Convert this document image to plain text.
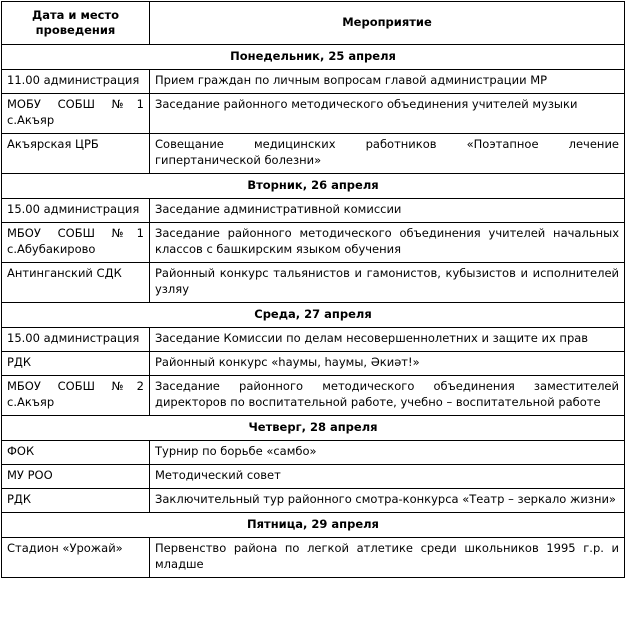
Дата и место проведения	Мероприятие
Понедельник, 25 апреля	
11.00 администрация	Прием граждан по личным вопросам главой администрации МР
МОБУ СОБШ №1 с.Акъяр	Заседание районного методического объединения учителей музыки
Акъярская ЦРБ	Совещание медицинских работников «Поэтапное лечение гипертанической болезни»
Вторник, 26 апреля	
15.00 администрация	Заседание административной комиссии
МБОУ СОБШ №1 с.Абубакирово	Заседание районного методического объединения учителей начальных классов с башкирским языком обучения
Антинганский СДК	Районный конкурс тальянистов и гамонистов, кубызистов и исполнителей узляу
Среда, 27 апреля	
15.00 администрация	Заседание Комиссии по делам несовершеннолетних и защите их прав
РДК	Районный конкурс «һаумы, һаумы, Әкиәт!»
МБОУ СОБШ №2 с.Акъяр	Заседание районного методического объединения заместителей директоров по воспитательной работе, учебно – воспитательной работе
Четверг, 28 апреля	
ФОК	Турнир по борьбе «самбо»
МУ РОО	Методический совет
РДК	Заключительный тур районного смотра-конкурса «Театр – зеркало жизни»
Пятница, 29 апреля	
Стадион «Урожай»	Первенство района по легкой атлетике среди школьников 1995 г.р. и младше
